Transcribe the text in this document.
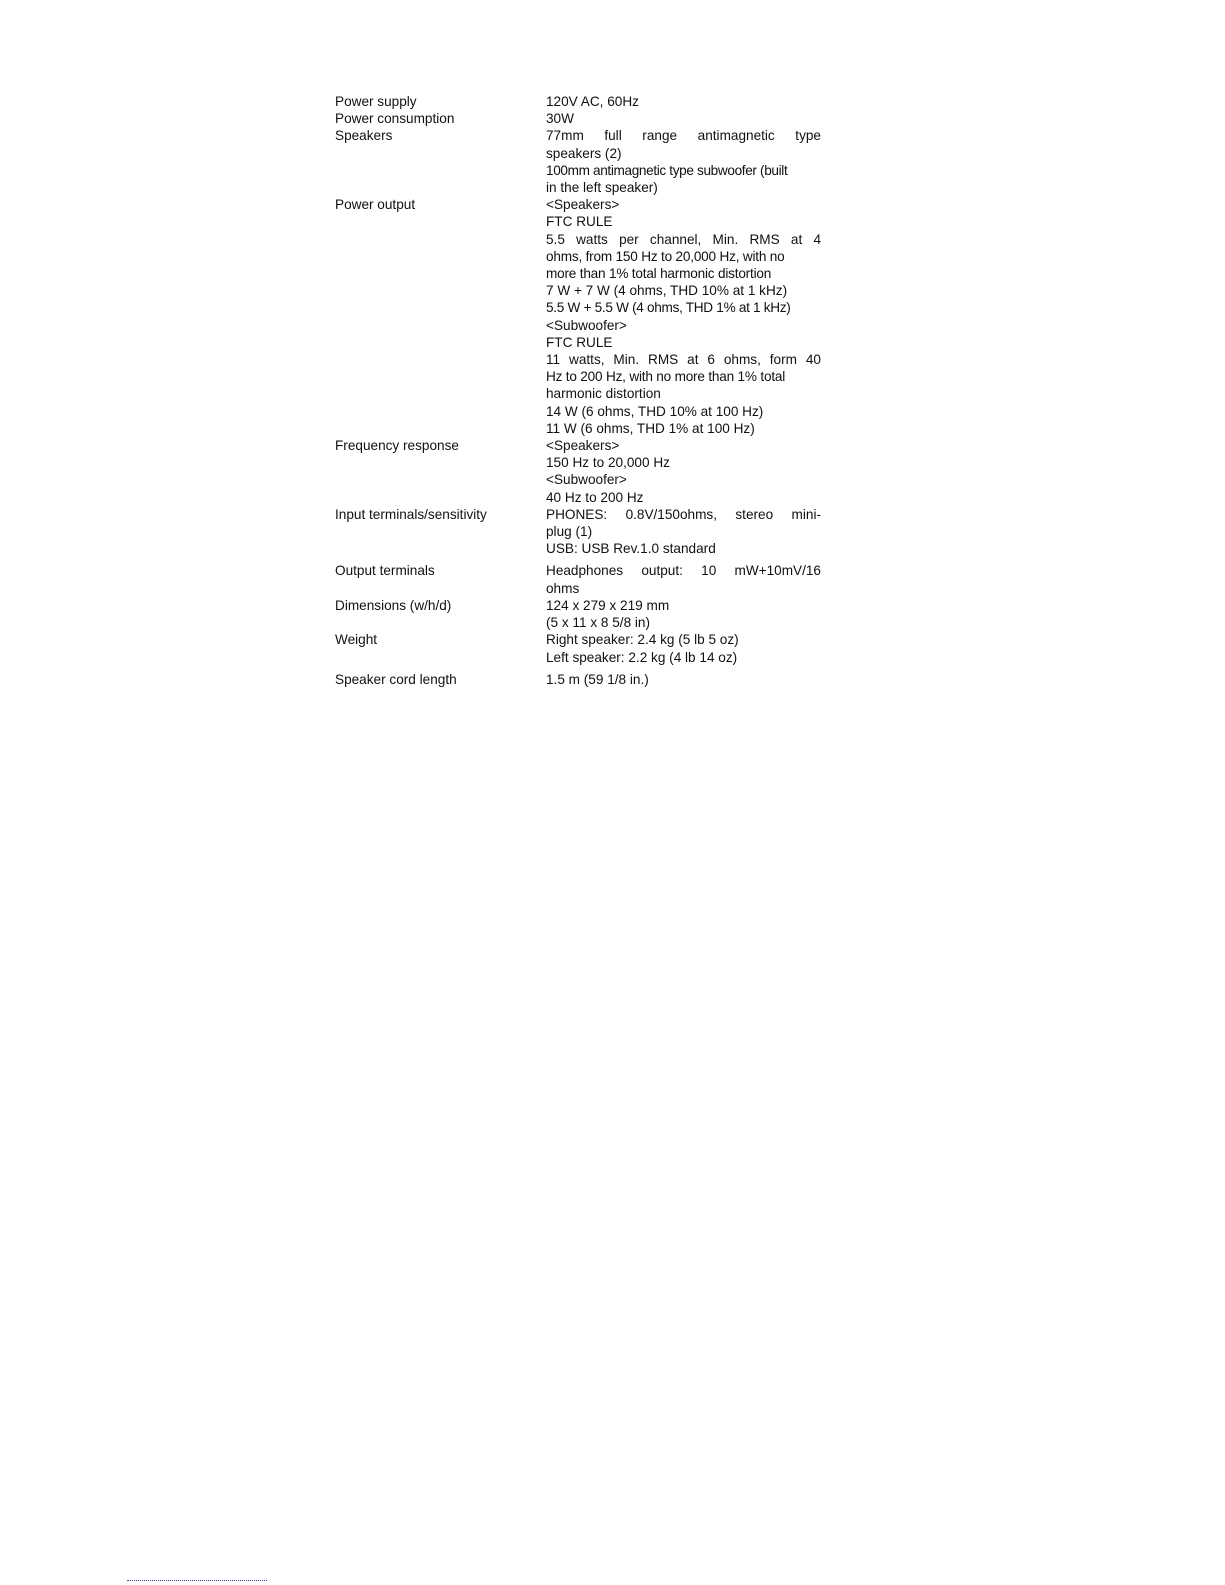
Power supply	120V AC, 60Hz
Power consumption	30W
Speakers	77mm full range antimagnetic type
speakers (2)
100mm antimagnetic type subwoofer (built
in the left speaker)
Power output	<Speakers>
FTC RULE
5.5 watts per channel, Min. RMS at 4
ohms, from 150 Hz to 20,000 Hz, with no
more than 1% total harmonic distortion
7 W + 7 W (4 ohms, THD 10% at 1 kHz)
5.5 W + 5.5 W (4 ohms, THD 1% at 1 kHz)
<Subwoofer>
FTC RULE
11 watts, Min. RMS at 6 ohms, form 40
Hz to 200 Hz, with no more than 1% total
harmonic distortion
14 W (6 ohms, THD 10% at 100 Hz)
11 W (6 ohms, THD 1% at 100 Hz)
Frequency response	<Speakers>
150 Hz to 20,000 Hz
<Subwoofer>
40 Hz to 200 Hz
Input terminals/sensitivity	PHONES: 0.8V/150ohms, stereo mini-
plug (1)
USB: USB Rev.1.0 standard
Output terminals	Headphones output: 10 mW+10mV/16
ohms
Dimensions (w/h/d)	124 x 279 x 219 mm
(5 x 11 x 8 5/8 in)
Weight	Right speaker: 2.4 kg (5 lb 5 oz)
Left speaker: 2.2 kg (4 lb 14 oz)
Speaker cord length	1.5 m (59 1/8 in.)
